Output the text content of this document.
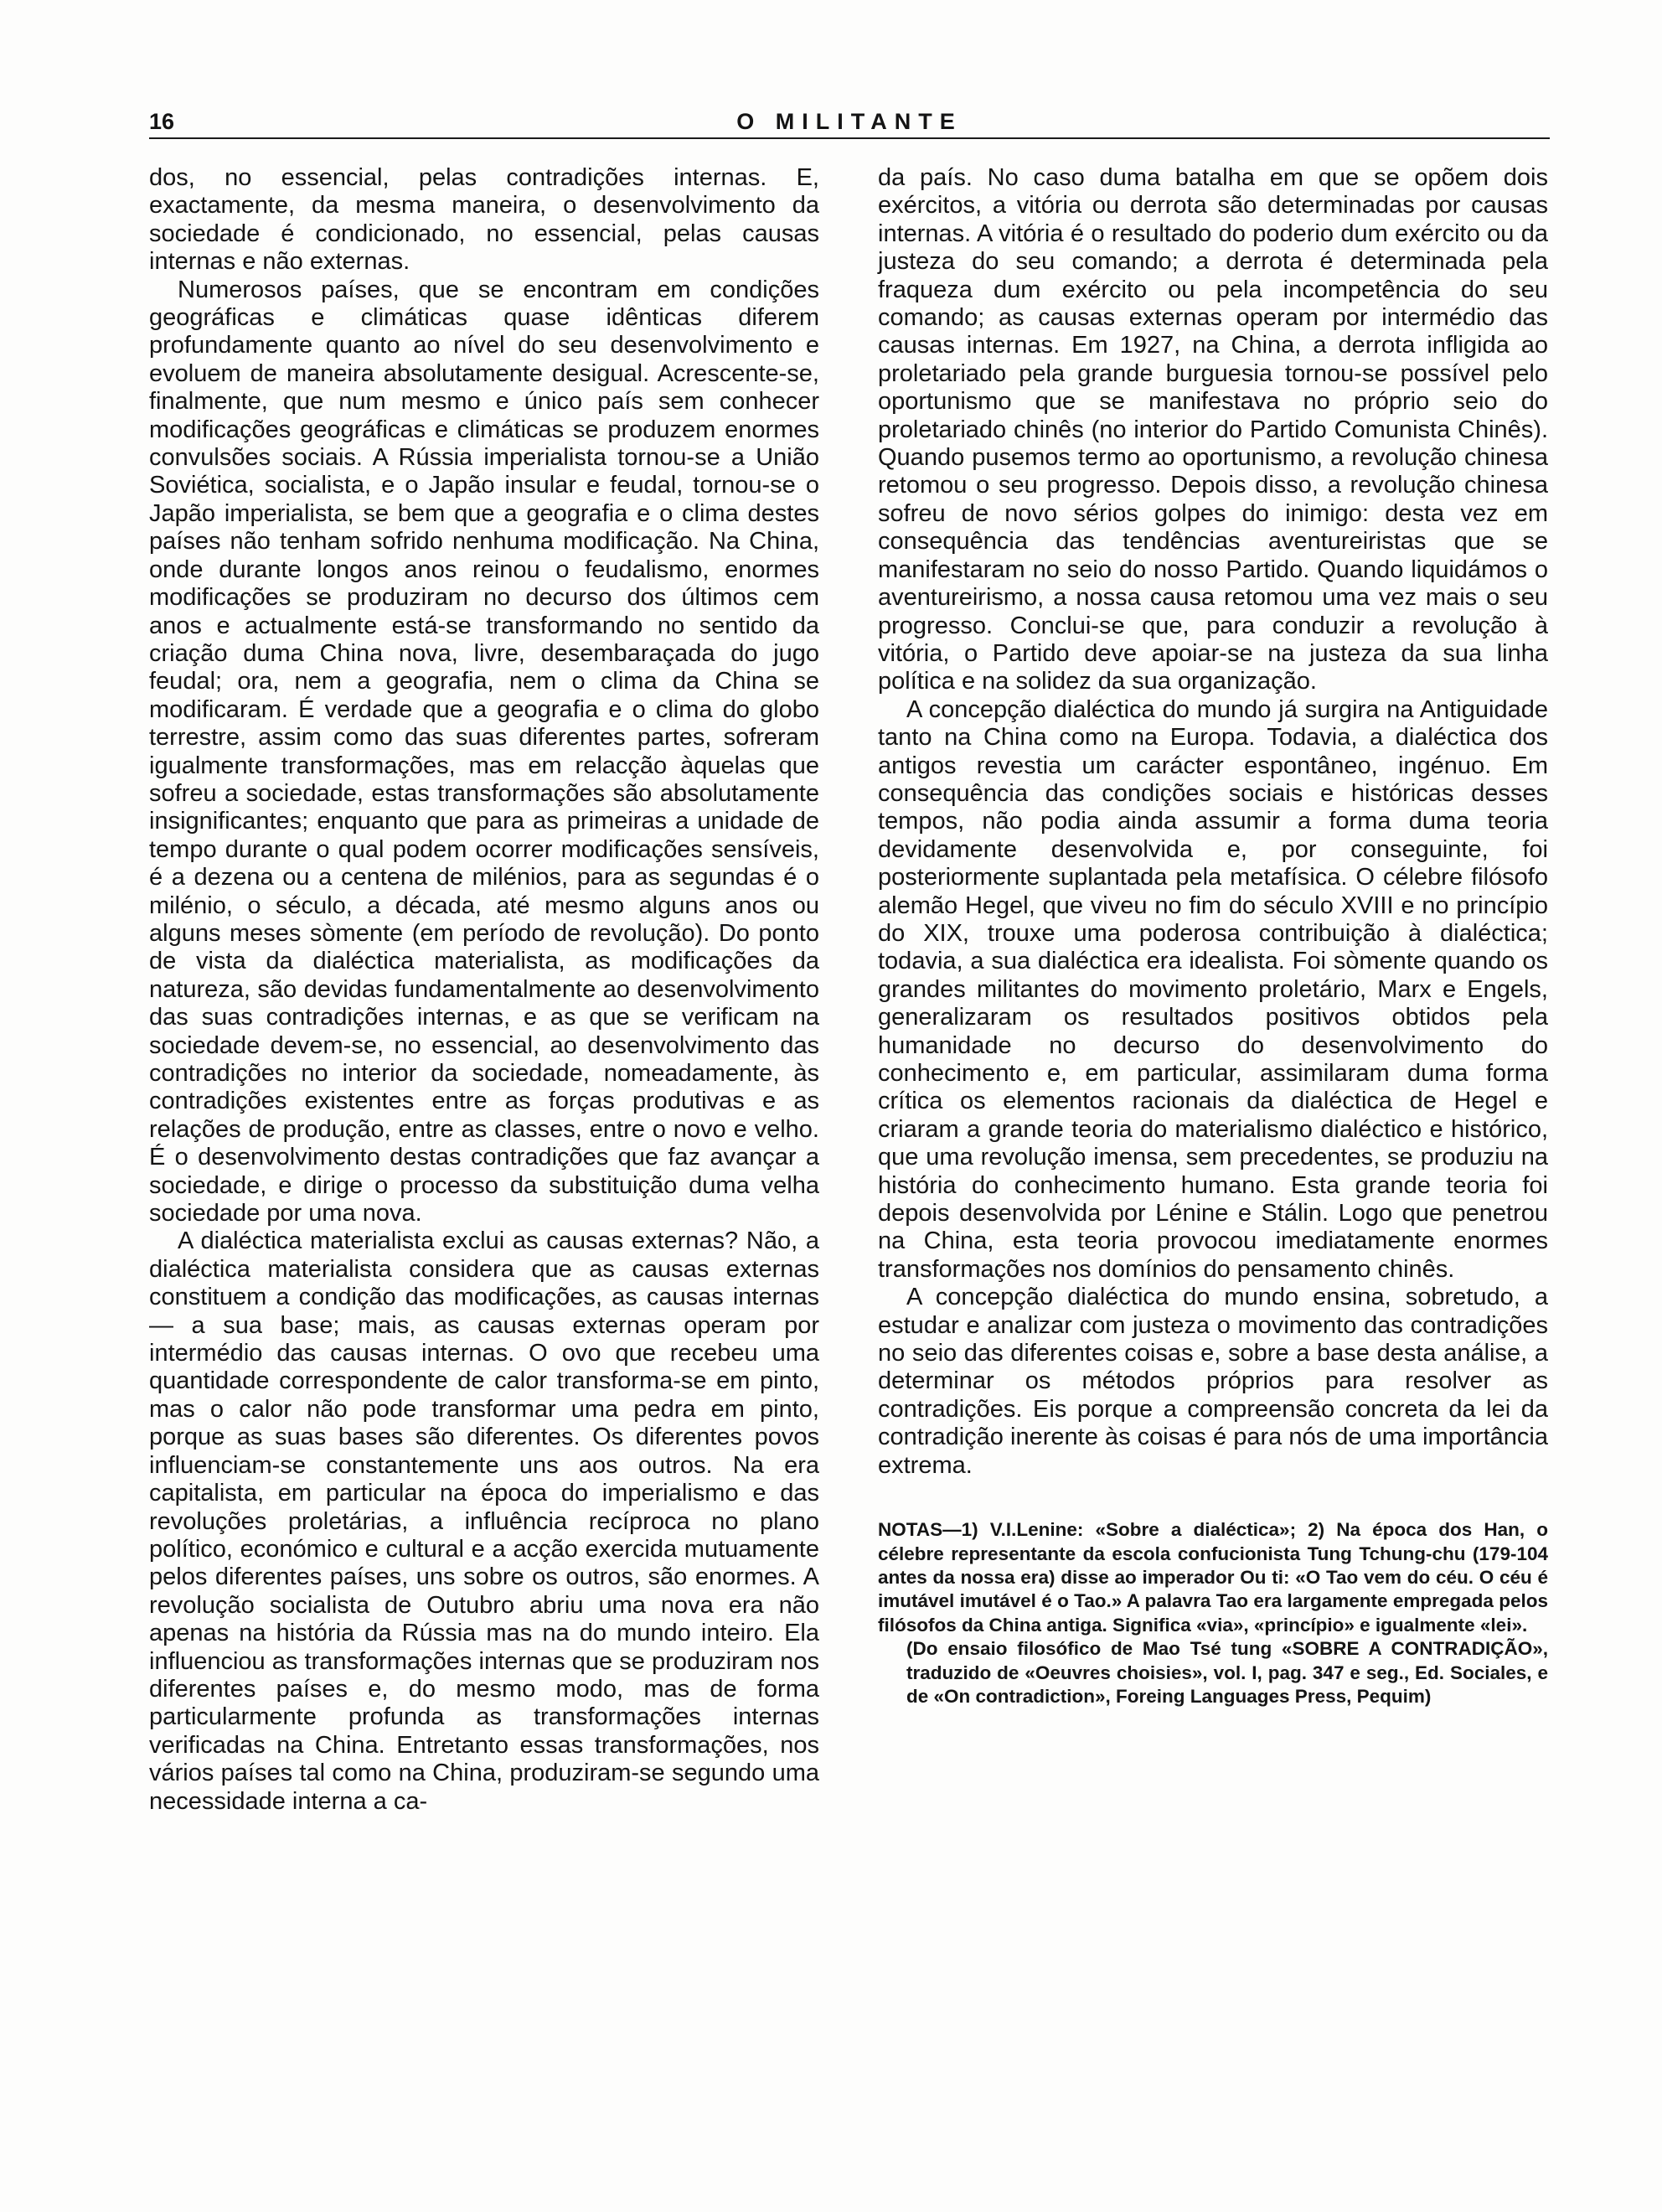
16	O MILITANTE

dos, no essencial, pelas contradições internas. E, exactamente, da mesma maneira, o desenvolvimento da sociedade é condicionado, no essencial, pelas causas internas e não externas.

Numerosos países, que se encontram em condições geográficas e climáticas quase idênticas diferem profundamente quanto ao nível do seu desenvolvimento e evoluem de maneira absolutamente desigual. Acrescente-se, finalmente, que num mesmo e único país sem conhecer modificações geográficas e climáticas se produzem enormes convulsões sociais. A Rússia imperialista tornou-se a União Soviética, socialista, e o Japão insular e feudal, tornou-se o Japão imperialista, se bem que a geografia e o clima destes países não tenham sofrido nenhuma modificação. Na China, onde durante longos anos reinou o feudalismo, enormes modificações se produziram no decurso dos últimos cem anos e actualmente está-se transformando no sentido da criação duma China nova, livre, desembaraçada do jugo feudal; ora, nem a geografia, nem o clima da China se modificaram. É verdade que a geografia e o clima do globo terrestre, assim como das suas diferentes partes, sofreram igualmente transformações, mas em relacção àquelas que sofreu a sociedade, estas transformações são absolutamente insignificantes; enquanto que para as primeiras a unidade de tempo durante o qual podem ocorrer modificações sensíveis, é a dezena ou a centena de milénios, para as segundas é o milénio, o século, a década, até mesmo alguns anos ou alguns meses sòmente (em período de revolução). Do ponto de vista da dialéctica materialista, as modificações da natureza, são devidas fundamentalmente ao desenvolvimento das suas contradições internas, e as que se verificam na sociedade devem-se, no essencial, ao desenvolvimento das contradições no interior da sociedade, nomeadamente, às contradições existentes entre as forças produtivas e as relações de produção, entre as classes, entre o novo e velho. É o desenvolvimento destas contradições que faz avançar a sociedade, e dirige o processo da substituição duma velha sociedade por uma nova.

A dialéctica materialista exclui as causas externas? Não, a dialéctica materialista considera que as causas externas constituem a condição das modificações, as causas internas — a sua base; mais, as causas externas operam por intermédio das causas internas. O ovo que recebeu uma quantidade correspondente de calor transforma-se em pinto, mas o calor não pode transformar uma pedra em pinto, porque as suas bases são diferentes. Os diferentes povos influenciam-se constantemente uns aos outros. Na era capitalista, em particular na época do imperialismo e das revoluções proletárias, a influência recíproca no plano político, económico e cultural e a acção exercida mutuamente pelos diferentes países, uns sobre os outros, são enormes. A revolução socialista de Outubro abriu uma nova era não apenas na história da Rússia mas na do mundo inteiro. Ela influenciou as transformações internas que se produziram nos diferentes países e, do mesmo modo, mas de forma particularmente profunda as transformações internas verificadas na China. Entretanto essas transformações, nos vários países tal como na China, produziram-se segundo uma necessidade interna a ca-

da país. No caso duma batalha em que se opõem dois exércitos, a vitória ou derrota são determinadas por causas internas. A vitória é o resultado do poderio dum exército ou da justeza do seu comando; a derrota é determinada pela fraqueza dum exército ou pela incompetência do seu comando; as causas externas operam por intermédio das causas internas. Em 1927, na China, a derrota infligida ao proletariado pela grande burguesia tornou-se possível pelo oportunismo que se manifestava no próprio seio do proletariado chinês (no interior do Partido Comunista Chinês). Quando pusemos termo ao oportunismo, a revolução chinesa retomou o seu progresso. Depois disso, a revolução chinesa sofreu de novo sérios golpes do inimigo: desta vez em consequência das tendências aventureiristas que se manifestaram no seio do nosso Partido. Quando liquidámos o aventureirismo, a nossa causa retomou uma vez mais o seu progresso. Conclui-se que, para conduzir a revolução à vitória, o Partido deve apoiar-se na justeza da sua linha política e na solidez da sua organização.

A concepção dialéctica do mundo já surgira na Antiguidade tanto na China como na Europa. Todavia, a dialéctica dos antigos revestia um carácter espontâneo, ingénuo. Em consequência das condições sociais e históricas desses tempos, não podia ainda assumir a forma duma teoria devidamente desenvolvida e, por conseguinte, foi posteriormente suplantada pela metafísica. O célebre filósofo alemão Hegel, que viveu no fim do século XVIII e no princípio do XIX, trouxe uma poderosa contribuição à dialéctica; todavia, a sua dialéctica era idealista. Foi sòmente quando os grandes militantes do movimento proletário, Marx e Engels, generalizaram os resultados positivos obtidos pela humanidade no decurso do desenvolvimento do conhecimento e, em particular, assimilaram duma forma crítica os elementos racionais da dialéctica de Hegel e criaram a grande teoria do materialismo dialéctico e histórico, que uma revolução imensa, sem precedentes, se produziu na história do conhecimento humano. Esta grande teoria foi depois desenvolvida por Lénine e Stálin. Logo que penetrou na China, esta teoria provocou imediatamente enormes transformações nos domínios do pensamento chinês.

A concepção dialéctica do mundo ensina, sobretudo, a estudar e analizar com justeza o movimento das contradições no seio das diferentes coisas e, sobre a base desta análise, a determinar os métodos próprios para resolver as contradições. Eis porque a compreensão concreta da lei da contradição inerente às coisas é para nós de uma importância extrema.

NOTAS—1) V.I.Lenine: «Sobre a dialéctica»; 2) Na época dos Han, o célebre representante da escola confucionista Tung Tchung-chu (179-104 antes da nossa era) disse ao imperador Ou ti: «O Tao vem do céu. O céu é imutável imutável é o Tao.» A palavra Tao era largamente empregada pelos filósofos da China antiga. Significa «via», «princípio» e igualmente «lei».

(Do ensaio filosófico de Mao Tsé tung «SOBRE A CONTRADIÇÃO», traduzido de «Oeuvres choisies», vol. I, pag. 347 e seg., Ed. Sociales, e de «On contradiction», Foreing Languages Press, Pequim)
